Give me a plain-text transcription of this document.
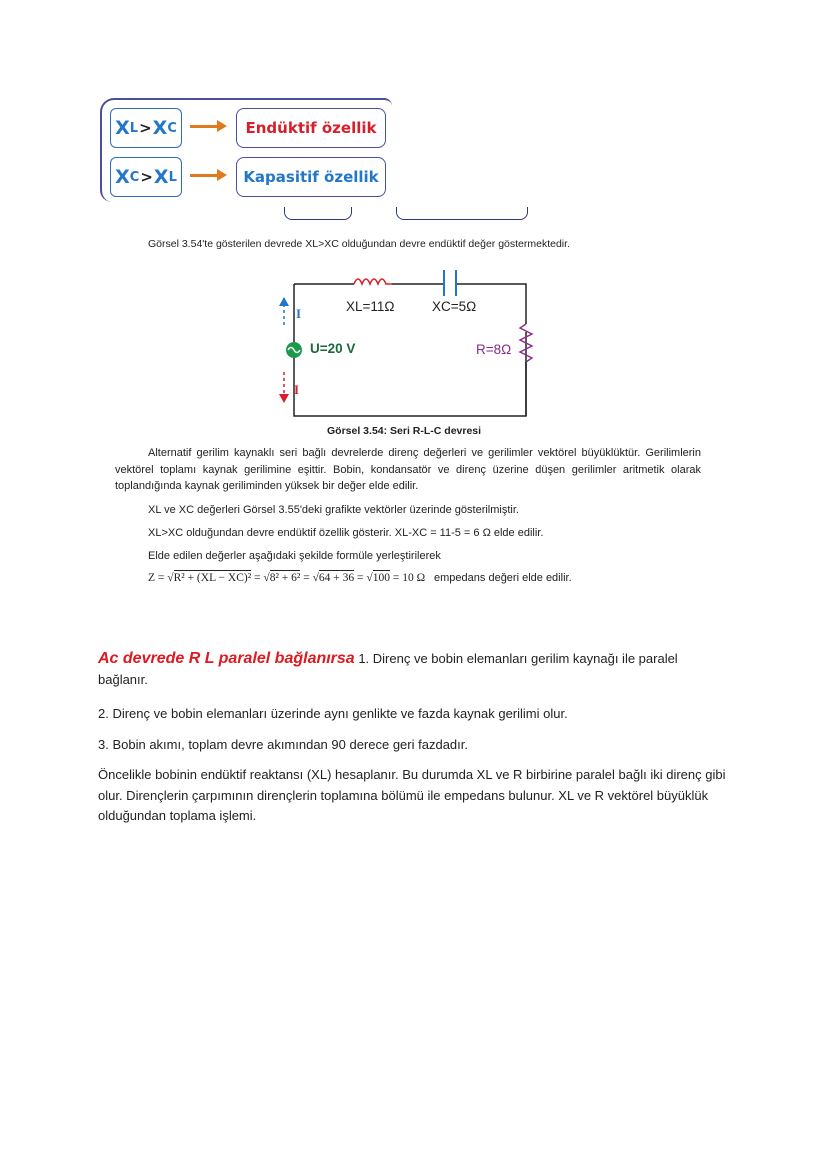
X L > X C	Endüktif özellik
X C > X L	Kapasitif özellik
Görsel 3.54'te gösterilen devrede XL>XC olduğundan devre endüktif değer göstermektedir.
I
I
XL=11Ω	XC=5Ω
U=20 V	R=8Ω
Görsel 3.54: Seri R-L-C devresi
Alternatif gerilim kaynaklı seri bağlı devrelerde direnç değerleri ve gerilimler vektörel büyüklüktür. Gerilimlerin vektörel toplamı kaynak gerilimine eşittir. Bobin, kondansatör ve direnç üzerine düşen gerilimler aritmetik olarak toplandığında kaynak geriliminden yüksek bir değer elde edilir.
XL ve XC değerleri Görsel 3.55'deki grafikte vektörler üzerinde gösterilmiştir.
XL>XC olduğundan devre endüktif özellik gösterir. XL-XC = 11-5 = 6 Ω elde edilir.
Elde edilen değerler aşağıdaki şekilde formüle yerleştirilerek
Z = √R² + (XL − XC)² = √8² + 6² = √64 + 36 = √100 = 10 Ω empedans değeri elde edilir.
Ac devrede R L paralel bağlanırsa 1. Direnç ve bobin elemanları gerilim kaynağı ile paralel bağlanır.
2. Direnç ve bobin elemanları üzerinde aynı genlikte ve fazda kaynak gerilimi olur.
3. Bobin akımı, toplam devre akımından 90 derece geri fazdadır.
Öncelikle bobinin endüktif reaktansı (XL) hesaplanır. Bu durumda XL ve R birbirine paralel bağlı iki direnç gibi olur. Dirençlerin çarpımının dirençlerin toplamına bölümü ile empedans bulunur. XL ve R vektörel büyüklük olduğundan toplama işlemi.
